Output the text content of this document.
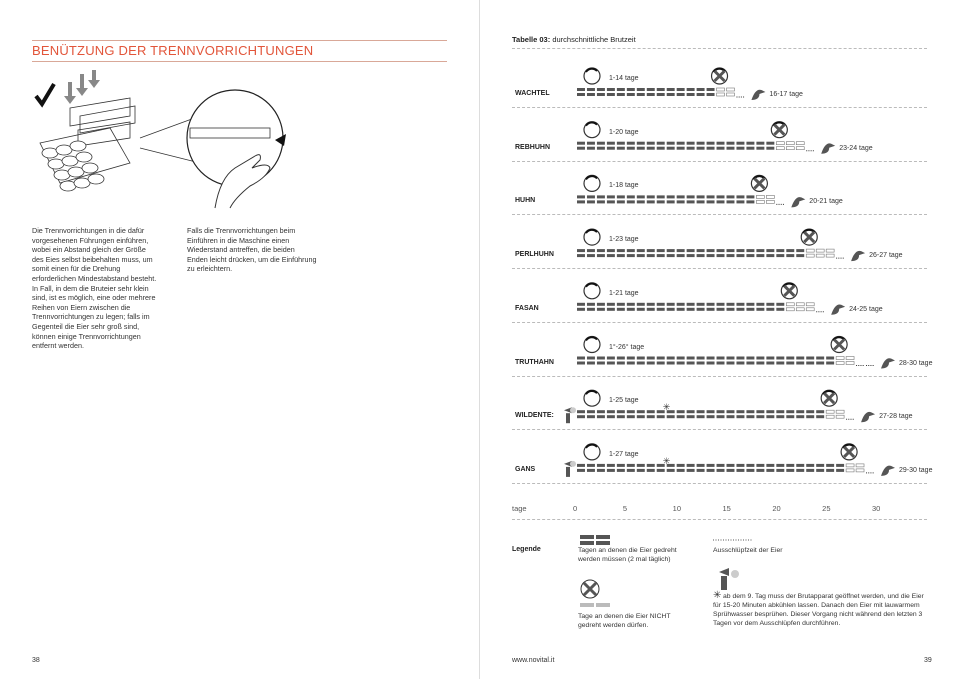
BENÜTZUNG DER TRENNVORRICHTUNGEN
Die Trennvorrichtungen in die dafür vorgesehenen Führungen einführen, wobei ein Abstand gleich der Größe des Eies selbst beibehalten muss, um somit einen für die Drehung erforderlichen Mindestabstand besteht. In Fall, in dem die Bruteier sehr klein sind, ist es möglich, eine oder mehrere Reihen von Eiern zwischen die Trennvorrichtungen zu legen; falls im Gegenteil die Eier sehr groß sind, können einige Trennvorrichtungen entfernt werden.
Falls die Trennvorrichtungen beim Einführen in die Maschine einen Wiederstand antreffen, die beiden Enden leicht drücken, um die Einführung zu erleichtern.
38
Tabelle 03: durchschnittliche Brutzeit
WACHTEL
1-14 tage
16-17 tage
REBHUHN
1-20 tage
23-24 tage
HUHN
1-18 tage
20-21 tage
PERLHUHN
1-23 tage
26-27 tage
FASAN
1-21 tage
24-25 tage
TRUTHAHN
1°-26° tage
28-30 tage
WILDENTE:
1-25 tage
27-28 tage
GANS
1-27 tage
29-30 tage
✳
✳
tage	0	5	10	15	20	25	30
Legende	Tagen an denen die Eier gedreht werden müssen (2 mal täglich)
Ausschlüpfzeit der Eier
Tage an denen die Eier NICHT gedreht werden dürfen.
✳ ab dem 9. Tag muss der Brutapparat geöffnet werden, und die Eier für 15-20 Minuten abkühlen lassen. Danach den Eier mit lauwarmem Sprühwasser besprühen. Dieser Vorgang nicht während den letzten 3 Tagen vor dem Ausschlüpfen durchführen.
www.novital.it	39
